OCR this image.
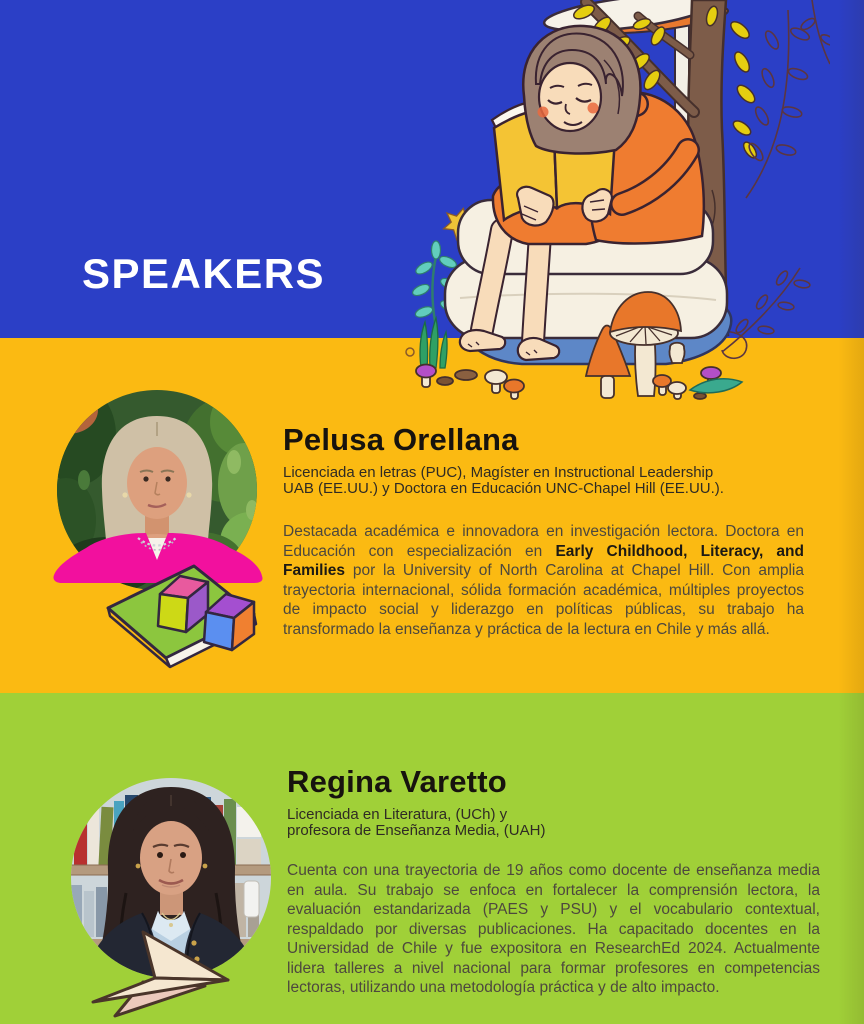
SPEAKERS
Pelusa Orellana

Licenciada en letras (PUC), Magíster en Instructional Leadership
UAB (EE.UU.) y Doctora en Educación UNC-Chapel Hill (EE.UU.).

Destacada académica e innovadora en investigación lectora. Doctora en Educación con especialización en Early Childhood, Literacy, and Families por la University of North Carolina at Chapel Hill. Con amplia trayectoria internacional, sólida formación académica, múltiples proyectos de impacto social y liderazgo en políticas públicas, su trabajo ha transformado la enseñanza y práctica de la lectura en Chile y más allá.

Regina Varetto

Licenciada en Literatura, (UCh) y
profesora de Enseñanza Media, (UAH)

Cuenta con una trayectoria de 19 años como docente de enseñanza media en aula. Su trabajo se enfoca en fortalecer la comprensión lectora, la evaluación estandarizada (PAES y PSU) y el vocabulario contextual, respaldado por diversas publicaciones. Ha capacitado docentes en la Universidad de Chile y fue expositora en ResearchEd 2024. Actualmente lidera talleres a nivel nacional para formar profesores en competencias lectoras, utilizando una metodología práctica y de alto impacto.
